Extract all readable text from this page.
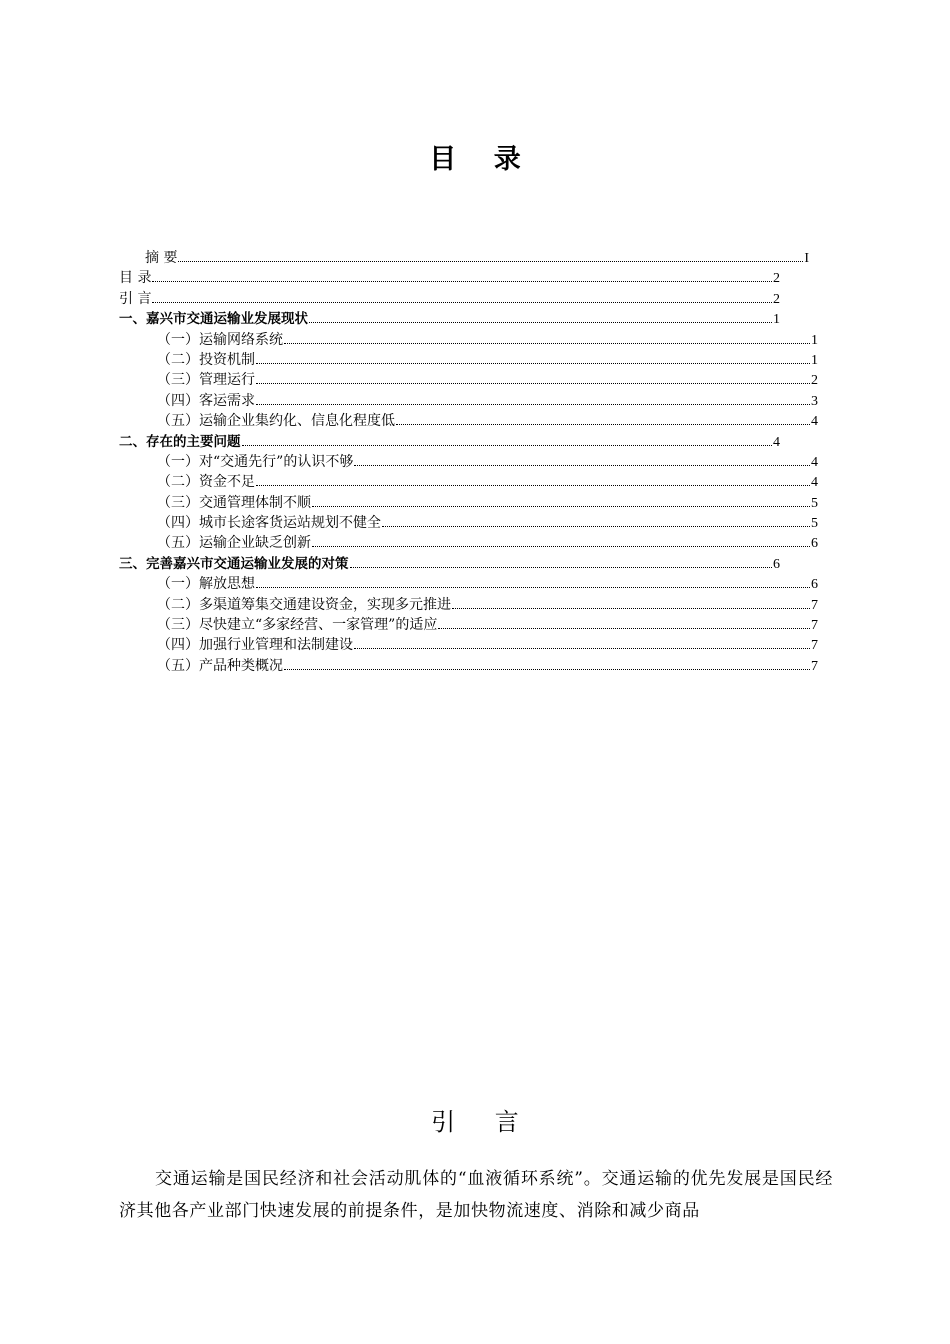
目 录
摘 要	I
目 录	2
引 言	2
一、嘉兴市交通运输业发展现状	1
（一）运输网络系统	1
（二）投资机制	1
（三）管理运行	2
（四）客运需求	3
（五）运输企业集约化、信息化程度低	4
二、存在的主要问题	4
（一）对“交通先行”的认识不够	4
（二）资金不足	4
（三）交通管理体制不顺	5
（四）城市长途客货运站规划不健全	5
（五）运输企业缺乏创新	6
三、完善嘉兴市交通运输业发展的对策	6
（一）解放思想	6
（二）多渠道筹集交通建设资金，实现多元推进	7
（三）尽快建立“多家经营、一家管理”的适应	7
（四）加强行业管理和法制建设	7
（五）产品种类概况	7
引 言
交通运输是国民经济和社会活动肌体的“血液循环系统”。交通运输的优先发展是国民经济其他各产业部门快速发展的前提条件，是加快物流速度、消除和减少商品
